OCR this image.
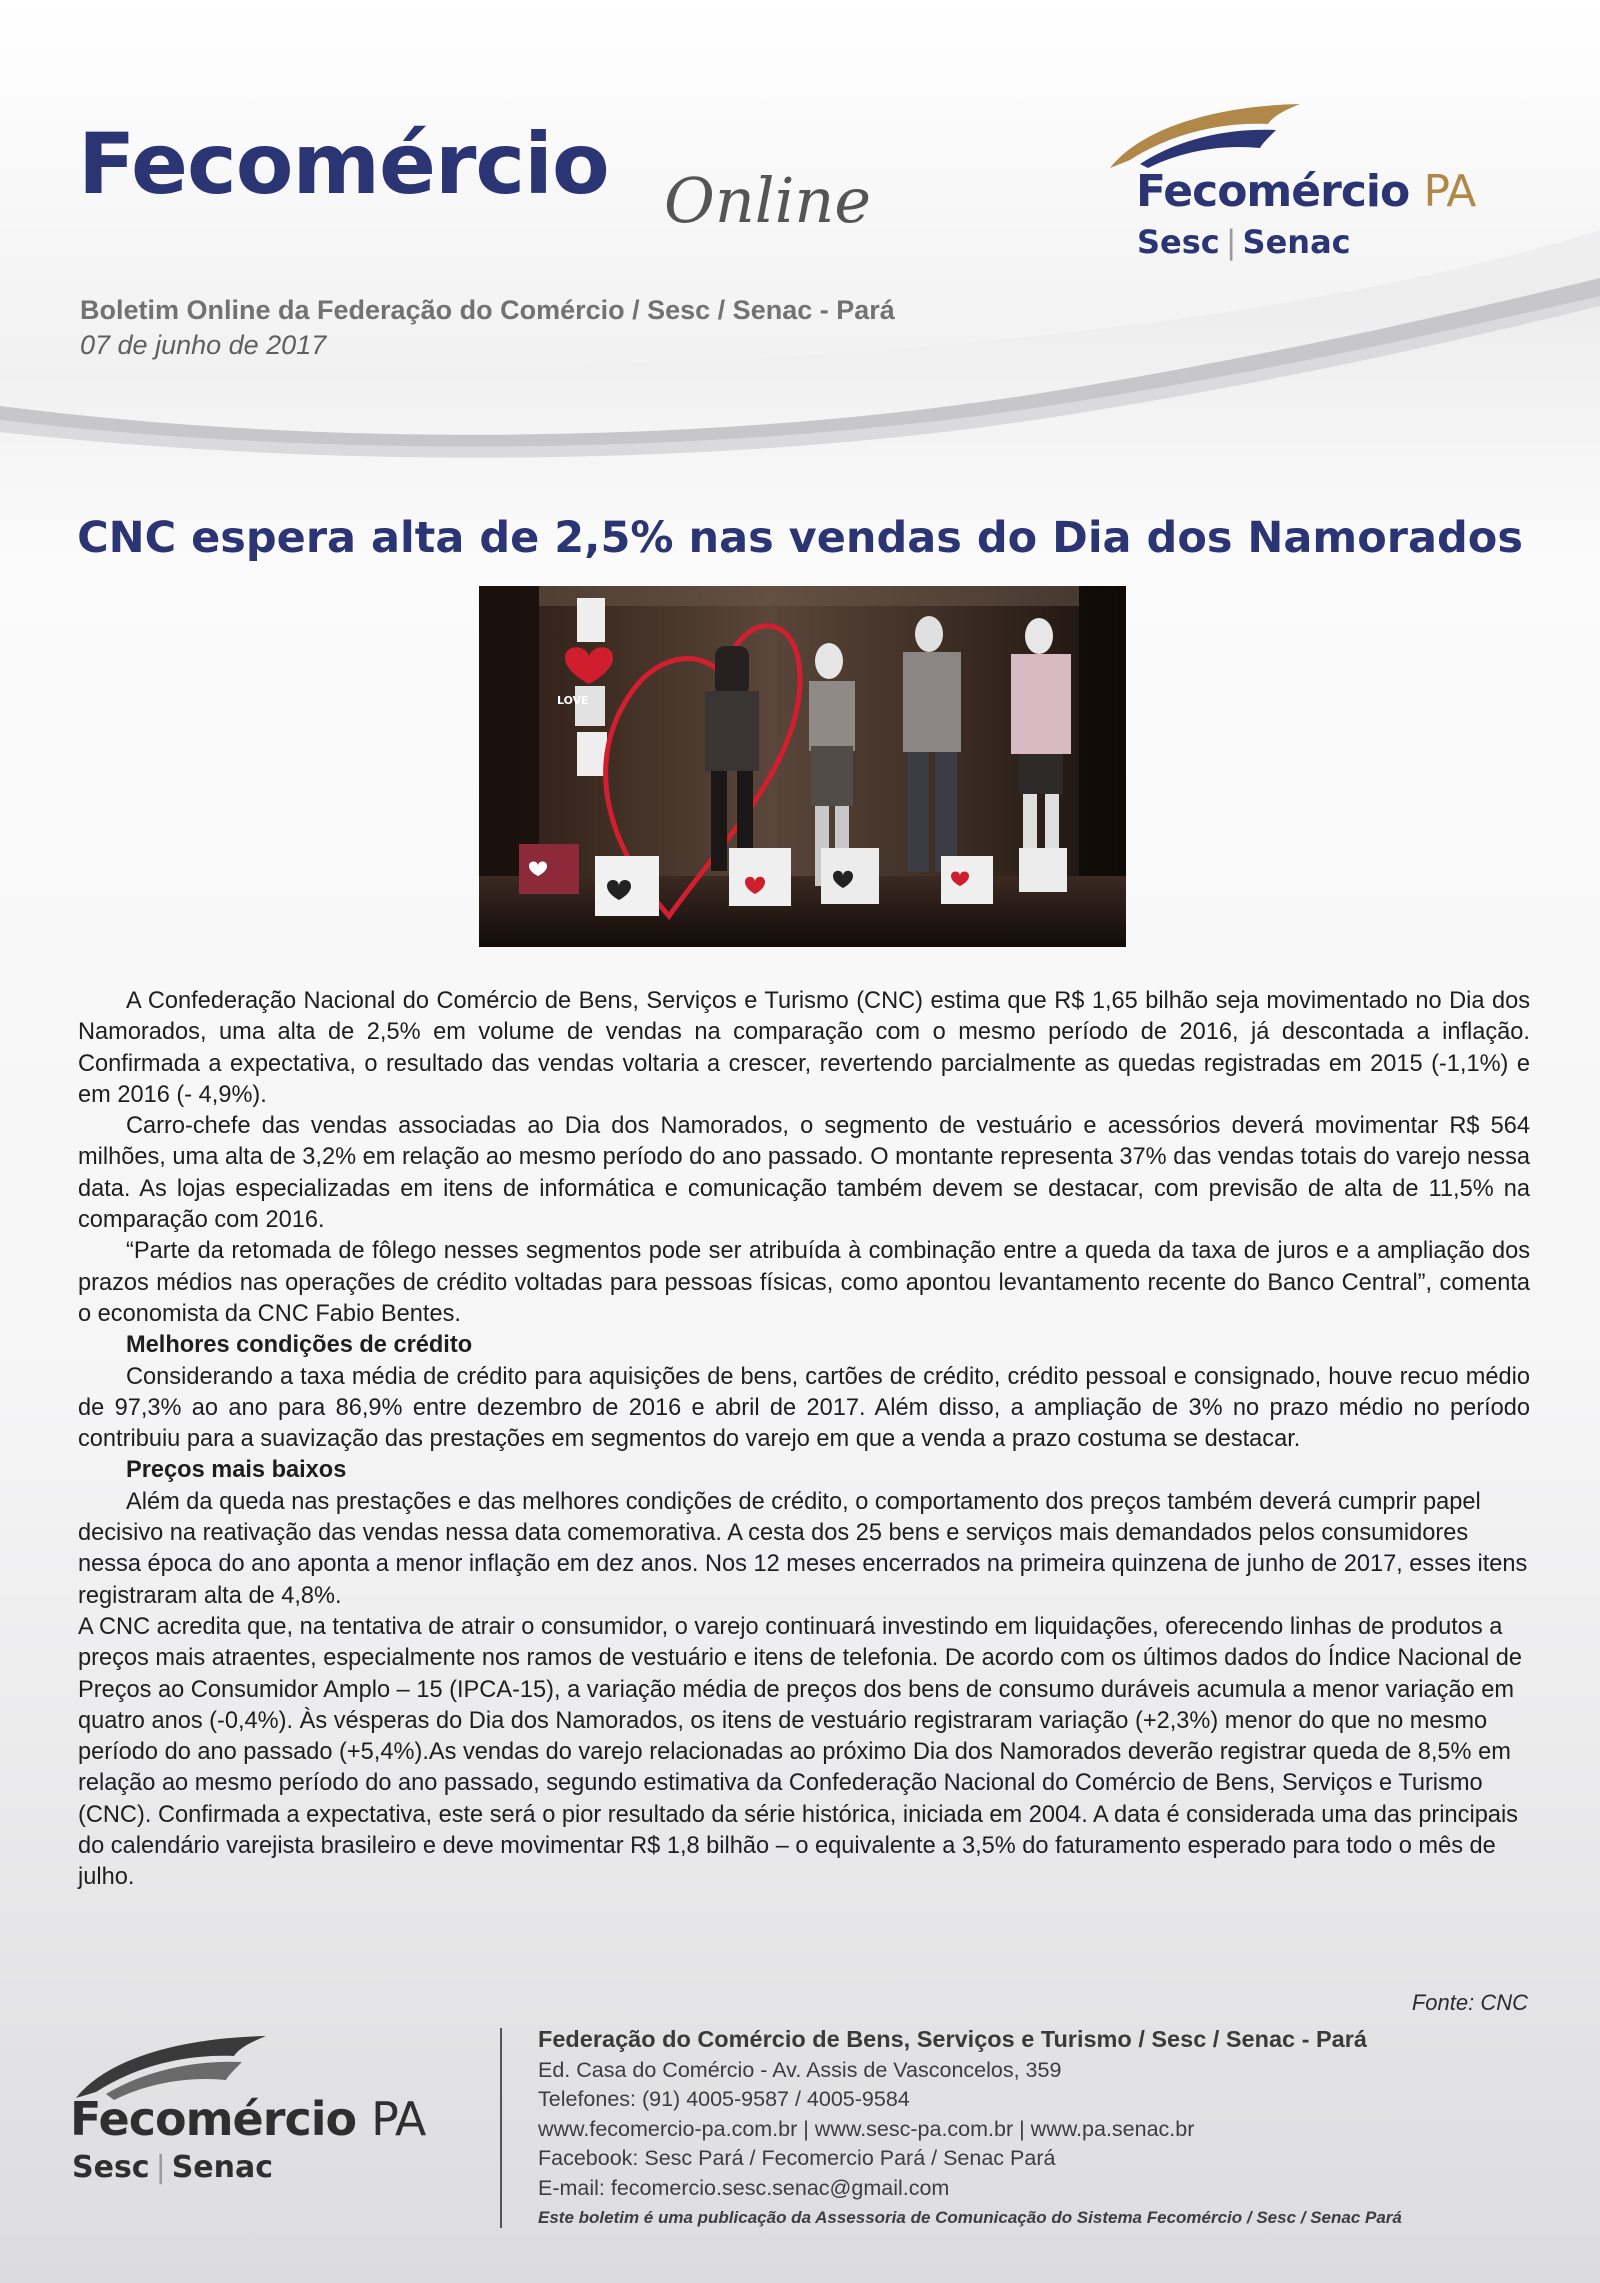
Fecomércio Online
Boletim Online da Federação do Comércio / Sesc / Senac - Pará
07 de junho de 2017
Fecomércio PA
Sesc | Senac
CNC espera alta de 2,5% nas vendas do Dia dos Namorados
LOVE

A Confederação Nacional do Comércio de Bens, Serviços e Turismo (CNC) estima que R$ 1,65 bilhão seja movimentado no Dia dos Namorados, uma alta de 2,5% em volume de vendas na comparação com o mesmo período de 2016, já descontada a inflação. Confirmada a expectativa, o resultado das vendas voltaria a crescer, revertendo parcialmente as quedas registradas em 2015 (-1,1%) e em 2016 (- 4,9%).

Carro-chefe das vendas associadas ao Dia dos Namorados, o segmento de vestuário e acessórios deverá movimentar R$ 564 milhões, uma alta de 3,2% em relação ao mesmo período do ano passado. O montante representa 37% das vendas totais do varejo nessa data. As lojas especializadas em itens de informática e comunicação também devem se destacar, com previsão de alta de 11,5% na comparação com 2016.

“Parte da retomada de fôlego nesses segmentos pode ser atribuída à combinação entre a queda da taxa de juros e a ampliação dos prazos médios nas operações de crédito voltadas para pessoas físicas, como apontou levantamento recente do Banco Central”, comenta o economista da CNC Fabio Bentes.

Melhores condições de crédito

Considerando a taxa média de crédito para aquisições de bens, cartões de crédito, crédito pessoal e consignado, houve recuo médio de 97,3% ao ano para 86,9% entre dezembro de 2016 e abril de 2017. Além disso, a ampliação de 3% no prazo médio no período contribuiu para a suavização das prestações em segmentos do varejo em que a venda a prazo costuma se destacar.

Preços mais baixos

Além da queda nas prestações e das melhores condições de crédito, o comportamento dos preços também deverá cumprir papel decisivo na reativação das vendas nessa data comemorativa. A cesta dos 25 bens e serviços mais demandados pelos consumidores nessa época do ano aponta a menor inflação em dez anos. Nos 12 meses encerrados na primeira quinzena de junho de 2017, esses itens registraram alta de 4,8%.

A CNC acredita que, na tentativa de atrair o consumidor, o varejo continuará investindo em liquidações, oferecendo linhas de produtos a preços mais atraentes, especialmente nos ramos de vestuário e itens de telefonia. De acordo com os últimos dados do Índice Nacional de Preços ao Consumidor Amplo – 15 (IPCA-15), a variação média de preços dos bens de consumo duráveis acumula a menor variação em quatro anos (-0,4%). Às vésperas do Dia dos Namorados, os itens de vestuário registraram variação (+2,3%) menor do que no mesmo período do ano passado (+5,4%).As vendas do varejo relacionadas ao próximo Dia dos Namorados deverão registrar queda de 8,5% em relação ao mesmo período do ano passado, segundo estimativa da Confederação Nacional do Comércio de Bens, Serviços e Turismo (CNC). Confirmada a expectativa, este será o pior resultado da série histórica, iniciada em 2004. A data é considerada uma das principais do calendário varejista brasileiro e deve movimentar R$ 1,8 bilhão – o equivalente a 3,5% do faturamento esperado para todo o mês de julho.

Fonte: CNC
Fecomércio PA
Sesc | Senac
Federação do Comércio de Bens, Serviços e Turismo / Sesc / Senac - Pará
Ed. Casa do Comércio - Av. Assis de Vasconcelos, 359
Telefones: (91) 4005-9587 / 4005-9584
www.fecomercio-pa.com.br | www.sesc-pa.com.br | www.pa.senac.br
Facebook: Sesc Pará / Fecomercio Pará / Senac Pará
E-mail: fecomercio.sesc.senac@gmail.com
Este boletim é uma publicação da Assessoria de Comunicação do Sistema Fecomércio / Sesc / Senac Pará
